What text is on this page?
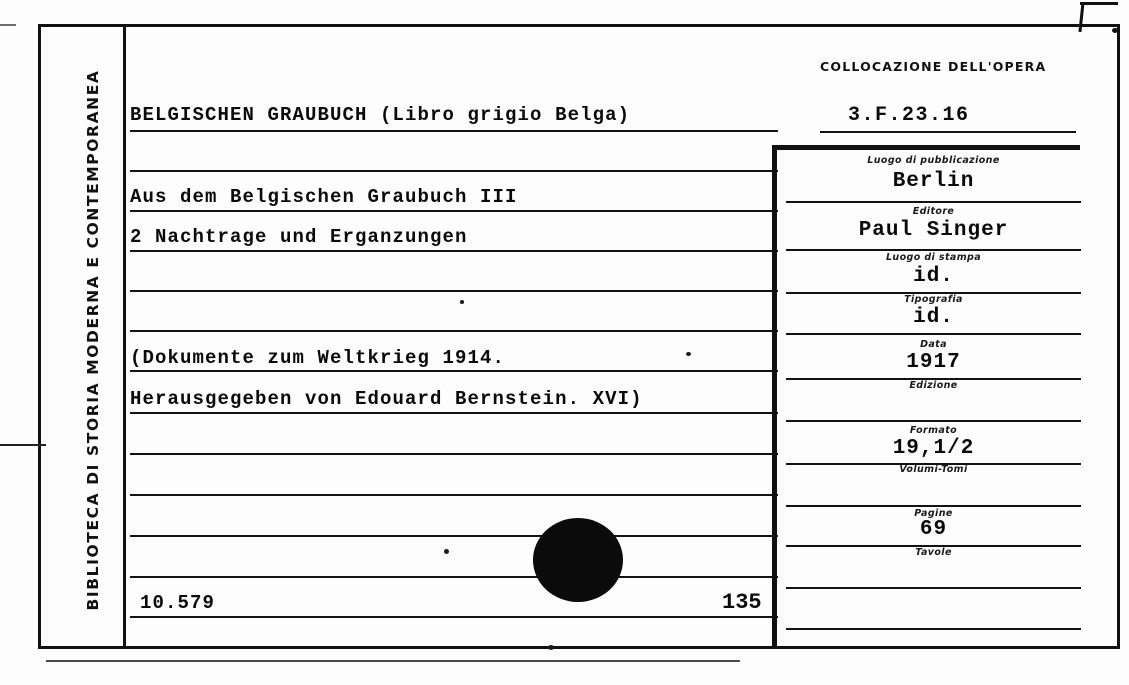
BIBLIOTECA DI STORIA MODERNA E CONTEMPORANEA BELGISCHEN GRAUBUCH (Libro grigio Belga)
Aus dem Belgischen Graubuch III
2 Nachtrage und Erganzungen
(Dokumente zum Weltkrieg 1914.
Herausgegeben von Edouard Bernstein. XVI)
10.579	135
COLLOCAZIONE DELL'OPERA
3.F.23.16
Luogo di pubblicazione
Berlin
Editore
Paul Singer
Luogo di stampa
id.
Tipografia
id.
Data
1917
Edizione
Formato
19,1/2
Volumi-Tomi
Pagine
69
Tavole
